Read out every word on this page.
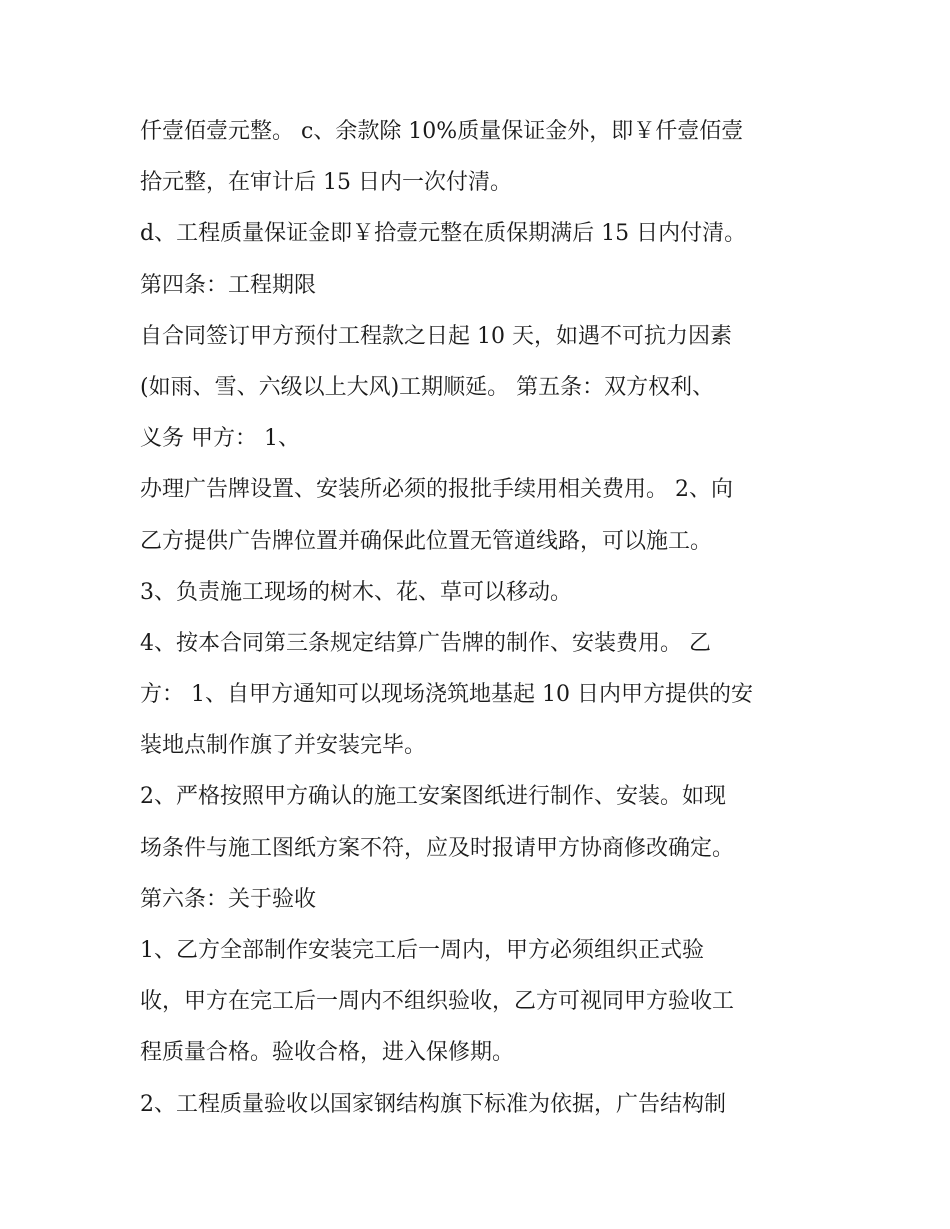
仟壹佰壹元整。 c、余款除 10%质量保证金外，即￥仟壹佰壹
拾元整，在审计后 15 日内一次付清。
d、工程质量保证金即￥拾壹元整在质保期满后 15 日内付清。
第四条：工程期限
自合同签订甲方预付工程款之日起 10 天，如遇不可抗力因素
(如雨、雪、六级以上大风)工期顺延。 第五条：双方权利、
义务 甲方： 1、
办理广告牌设置、安装所必须的报批手续用相关费用。 2、向
乙方提供广告牌位置并确保此位置无管道线路，可以施工。
3、负责施工现场的树木、花、草可以移动。
4、按本合同第三条规定结算广告牌的制作、安装费用。 乙
方： 1、自甲方通知可以现场浇筑地基起 10 日内甲方提供的安
装地点制作旗了并安装完毕。
2、严格按照甲方确认的施工安案图纸进行制作、安装。如现
场条件与施工图纸方案不符，应及时报请甲方协商修改确定。
第六条：关于验收
1、乙方全部制作安装完工后一周内，甲方必须组织正式验
收，甲方在完工后一周内不组织验收，乙方可视同甲方验收工
程质量合格。验收合格，进入保修期。
2、工程质量验收以国家钢结构旗下标准为依据，广告结构制
